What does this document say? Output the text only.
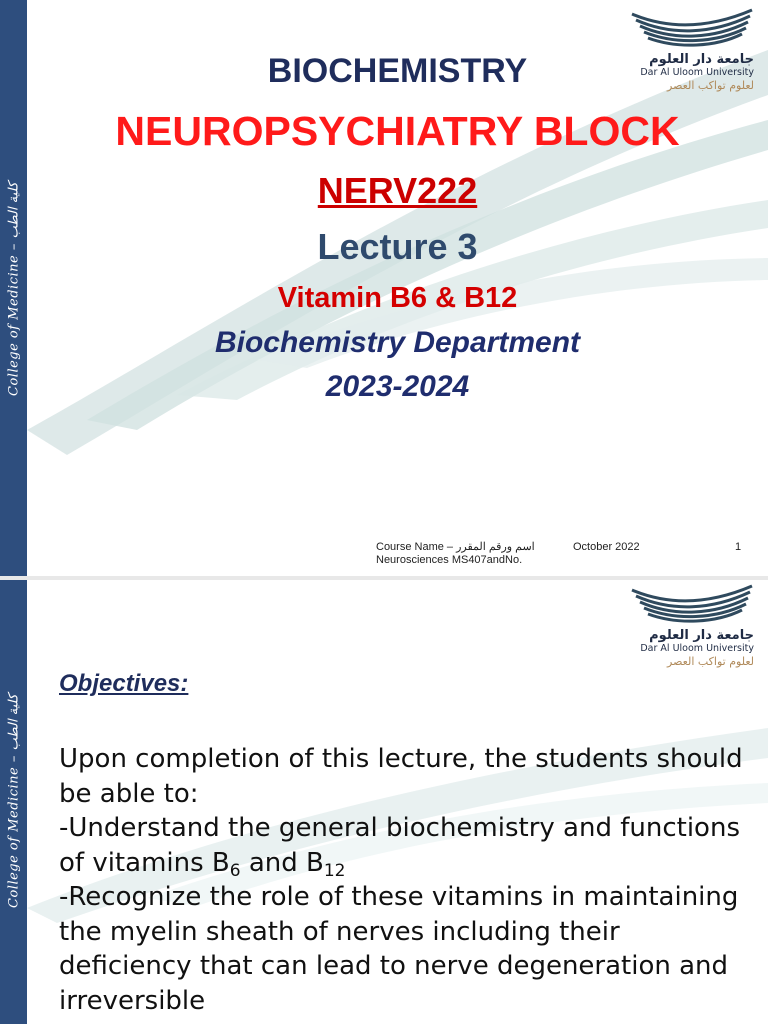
College of Medicine – كلية الطب
جامعة دار العلوم
Dar Al Uloom University
لعلوم تواكب العصر
BIOCHEMISTRY
NEUROPSYCHIATRY BLOCK
NERV222
Lecture 3
Vitamin B6 & B12
Biochemistry Department
2023-2024
Course Name – اسم ورقم المقرر
Neurosciences MS407andNo.
October 2022	1
College of Medicine – كلية الطب
جامعة دار العلوم
Dar Al Uloom University
لعلوم تواكب العصر
Objectives:

Upon completion of this lecture, the students should be able to:

-Understand the general biochemistry and functions of vitamins $B_6$ and $B_{12}$

-Recognize the role of these vitamins in maintaining the myelin sheath of nerves including their deficiency that can lead to nerve degeneration and irreversible
